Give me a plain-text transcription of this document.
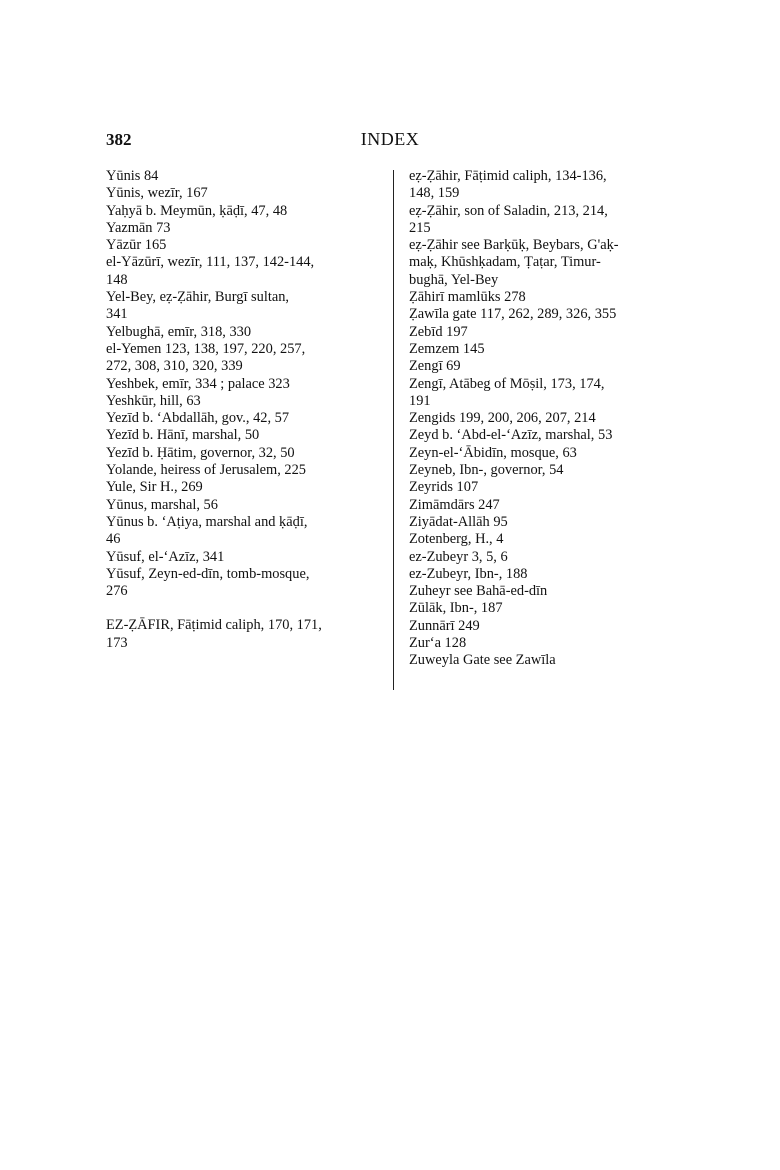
382	INDEX
Yūnis 84
Yūnis, wezīr, 167
Yaḥyā b. Meymūn, ḳāḍī, 47, 48
Yazmān 73
Yāzūr 165
el-Yāzūrī, wezīr, 111, 137, 142-144,
148
Yel-Bey, eẓ-Ẓāhir, Burgī sultan,
341
Yelbughā, emīr, 318, 330
el-Yemen 123, 138, 197, 220, 257,
272, 308, 310, 320, 339
Yeshbek, emīr, 334 ; palace 323
Yeshkūr, hill, 63
Yezīd b. ʻAbdallāh, gov., 42, 57
Yezīd b. Hānī, marshal, 50
Yezīd b. Ḥātim, governor, 32, 50
Yolande, heiress of Jerusalem, 225
Yule, Sir H., 269
Yūnus, marshal, 56
Yūnus b. ʻAṭiya, marshal and ḳāḍī,
46
Yūsuf, el-ʻAzīz, 341
Yūsuf, Zeyn-ed-dīn, tomb-mosque,
276
EZ-ẒĀFIR, Fāṭimid caliph, 170, 171,
173
eẓ-Ẓāhir, Fāṭimid caliph, 134-136,
148, 159
eẓ-Ẓāhir, son of Saladin, 213, 214,
215
eẓ-Ẓāhir see Barḳūḳ, Beybars, G'aḳ-
maḳ, Khūshḳadam, Ṭaṭar, Timur-
bughā, Yel-Bey
Ẓāhirī mamlūks 278
Ẓawīla gate 117, 262, 289, 326, 355
Zebīd 197
Zemzem 145
Zengī 69
Zengī, Atābeg of Mōṣil, 173, 174,
191
Zengids 199, 200, 206, 207, 214
Zeyd b. ʻAbd-el-ʻAzīz, marshal, 53
Zeyn-el-ʻĀbidīn, mosque, 63
Zeyneb, Ibn-, governor, 54
Zeyrids 107
Zimāmdārs 247
Ziyādat-Allāh 95
Zotenberg, H., 4
ez-Zubeyr 3, 5, 6
ez-Zubeyr, Ibn-, 188
Zuheyr see Bahā-ed-dīn
Zūlāk, Ibn-, 187
Zunnārī 249
Zurʻa 128
Zuweyla Gate see Zawīla
